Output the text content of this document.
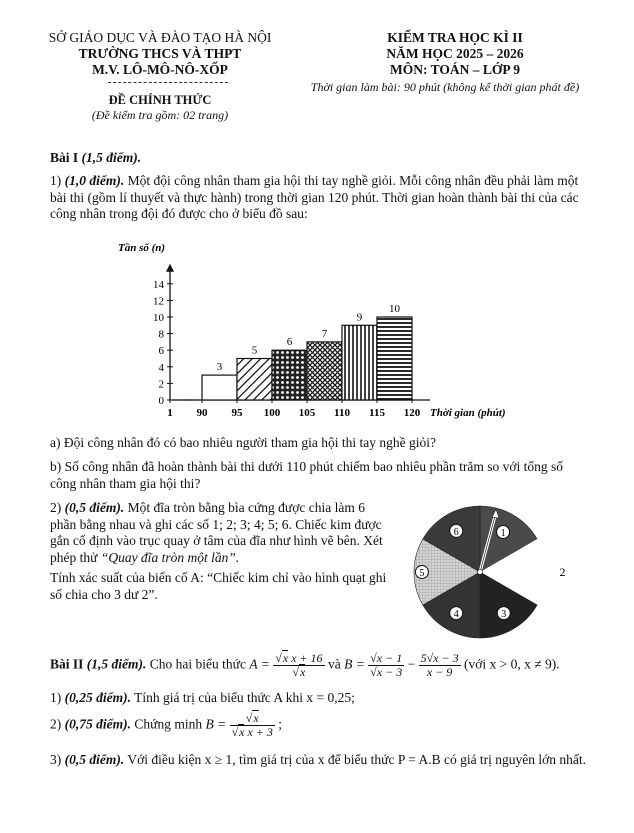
SỞ GIÁO DỤC VÀ ĐÀO TẠO HÀ NỘI
TRƯỜNG THCS VÀ THPT
M.V. LÔ-MÔ-NÔ-XỐP
ĐỀ CHÍNH THỨC
(Đề kiểm tra gồm: 02 trang)
KIỂM TRA HỌC KÌ II
NĂM HỌC 2025 – 2026
MÔN: TOÁN – LỚP 9
Thời gian làm bài: 90 phút (không kể thời gian phát đề)
Bài I (1,5 điểm).
1) (1,0 điểm). Một đội công nhân tham gia hội thi tay nghề giỏi. Mỗi công nhân đều phải làm một bài thi (gồm lí thuyết và thực hành) trong thời gian 120 phút. Thời gian hoàn thành bài thi của các công nhân trong đội đó được cho ở biểu đồ sau:
Tần số (n)
Thời gian (phút)
0
2
4
6
8
10
12
14
1 90 95 100 105 110 115 120
3
5
6
7
9
10
a) Đội công nhân đó có bao nhiêu người tham gia hội thi tay nghề giỏi?
b) Số công nhân đã hoàn thành bài thi dưới 110 phút chiếm bao nhiêu phần trăm so với tổng số công nhân tham gia hội thi?
2) (0,5 điểm). Một đĩa tròn bằng bìa cứng được chia làm 6 phần bằng nhau và ghi các số 1; 2; 3; 4; 5; 6. Chiếc kim được gắn cố định vào trục quay ở tâm của đĩa như hình vẽ bên. Xét phép thử “Quay đĩa tròn một lần”.
Tính xác suất của biến cố A: “Chiếc kim chỉ vào hình quạt ghi số chia cho 3 dư 2”.
1
2
3
4
5
6
Bài II (1,5 điểm). Cho hai biểu thức A = √ x x + 16
√ x và B = √ x − 1
√ $x - 3 - \frac{5√x - 3}{x - 9}$ (với x > 0, x ≠ 9).
1) (0,25 điểm). Tính giá trị của biểu thức A khi x = 0,25;
2) (0,75 điểm). Chứng minh B = √ x
√ x x + 3 ;
3) (0,5 điểm). Với điều kiện x ≥ 1, tìm giá trị của x để biểu thức P = A.B có giá trị nguyên lớn nhất.
